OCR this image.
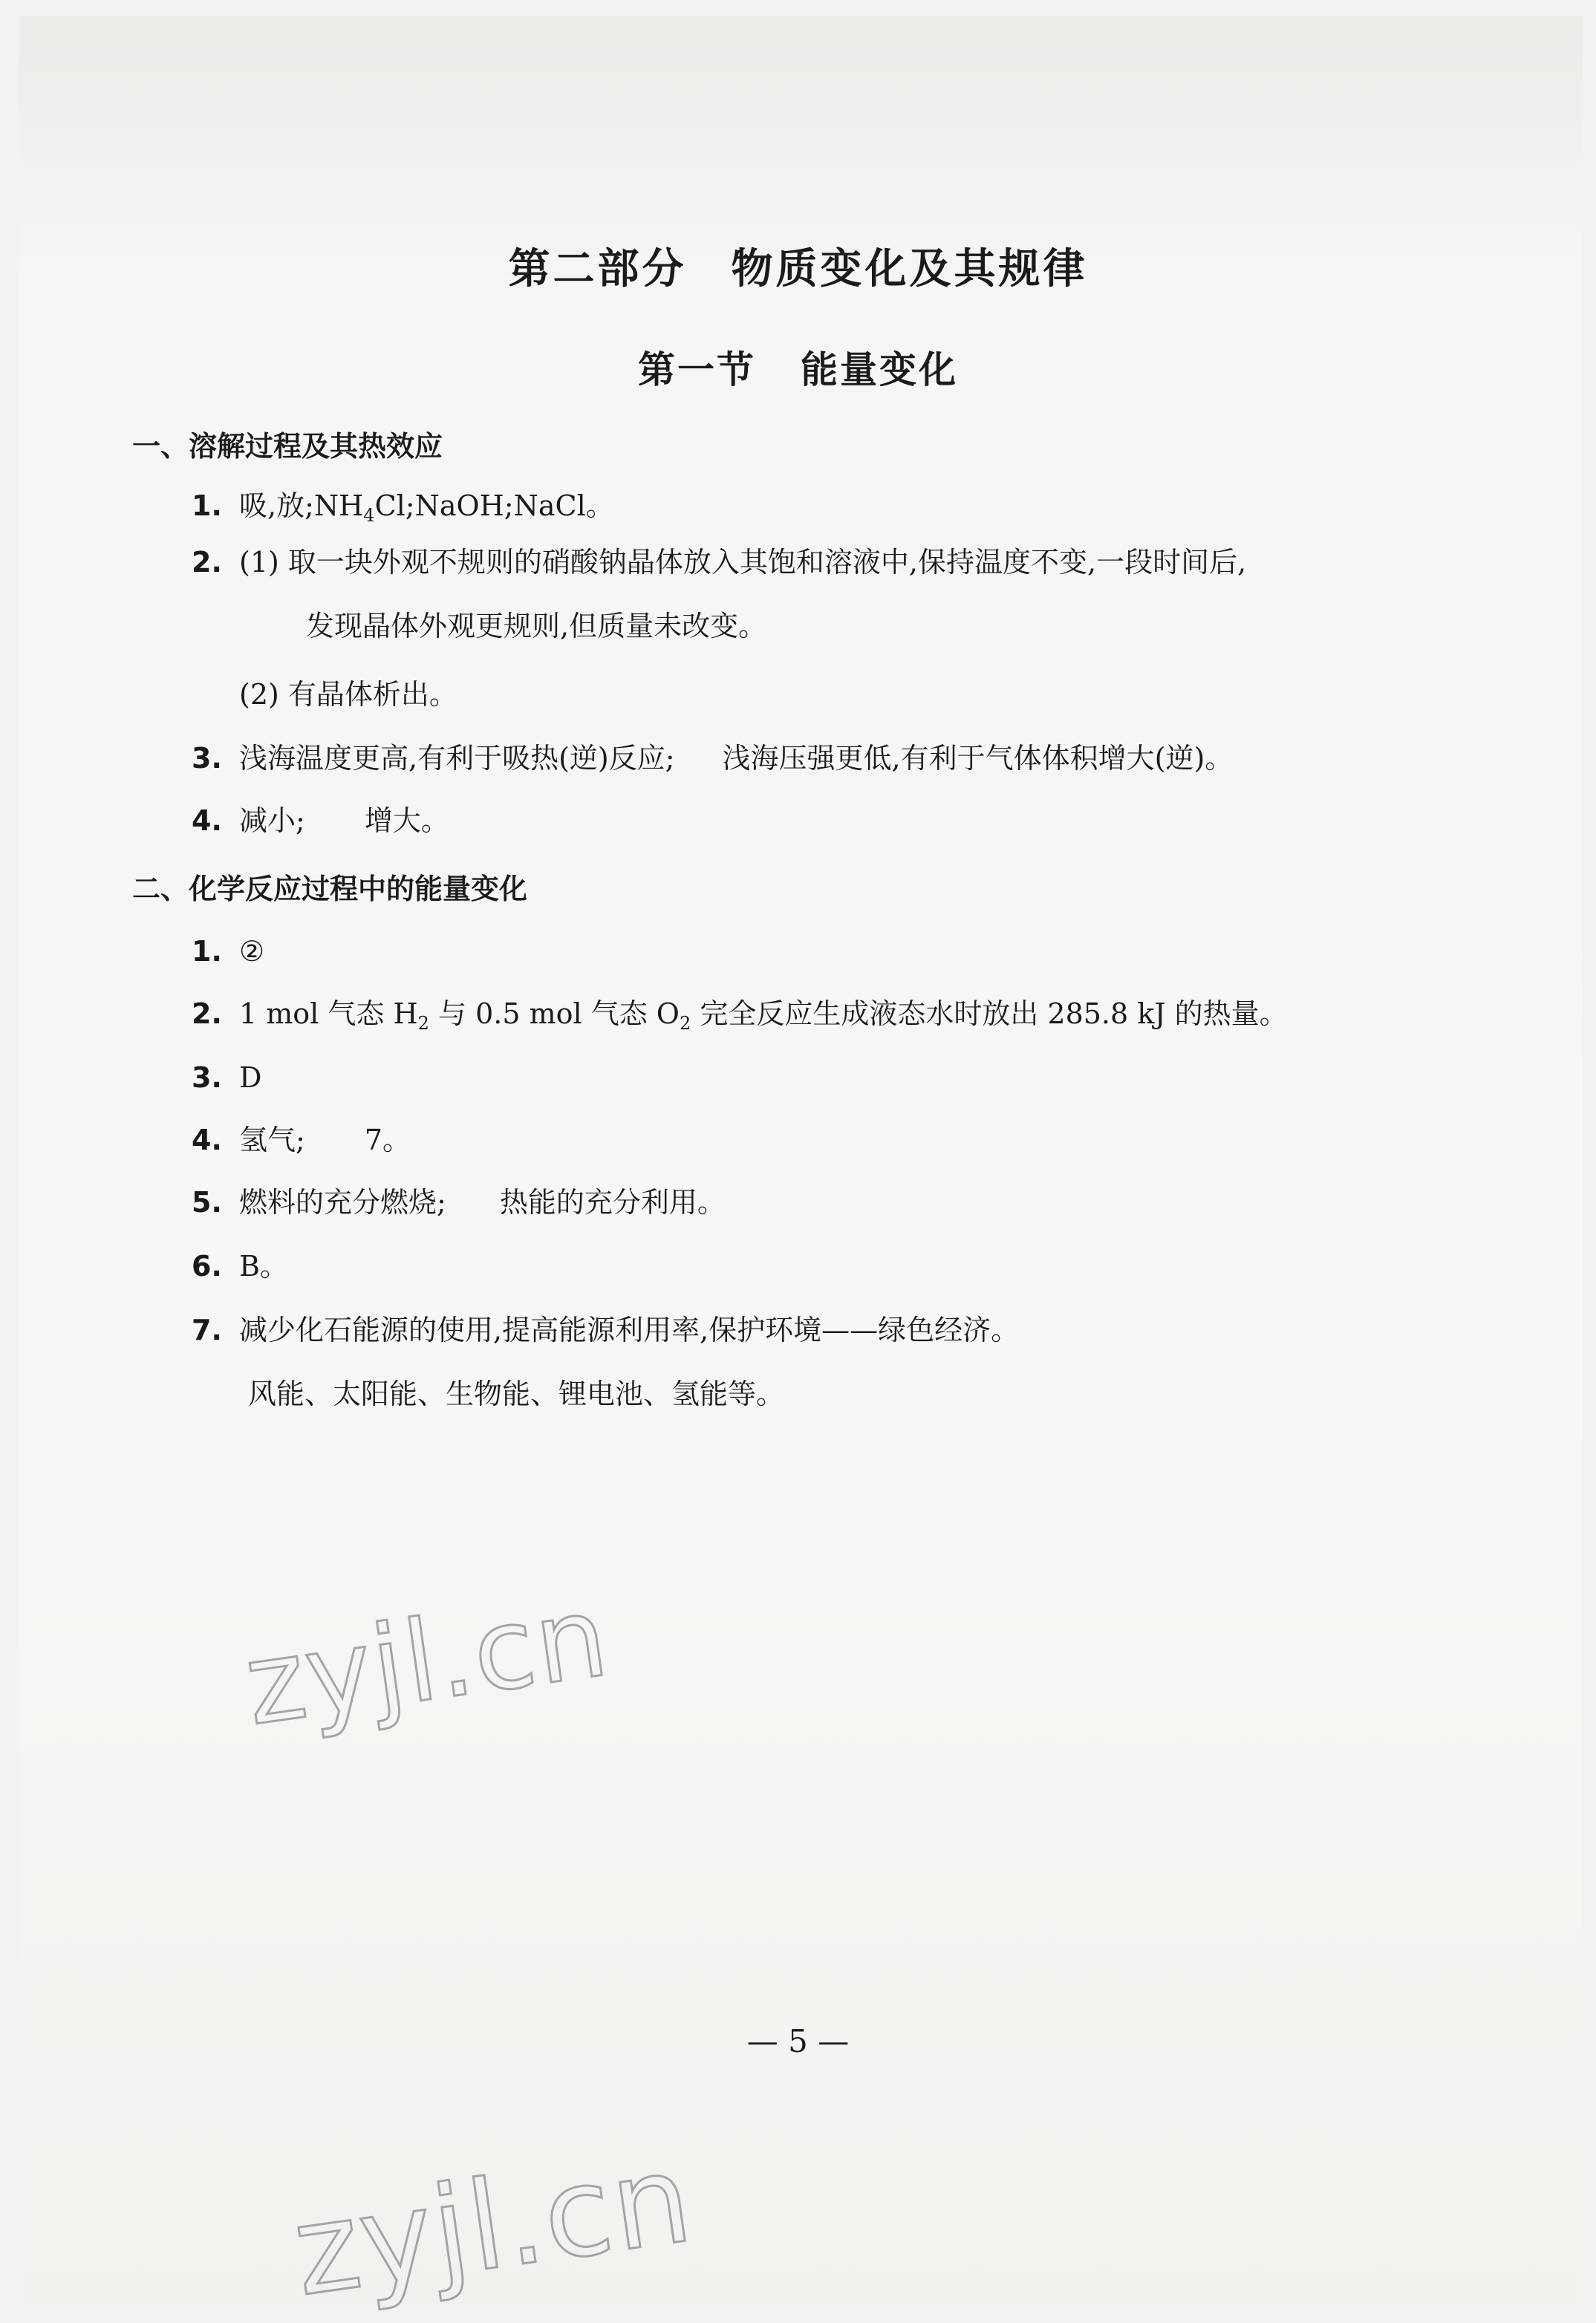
第二部分 物质变化及其规律
第一节 能量变化
一、溶解过程及其热效应
1. 吸,放$;NH_4Cl;NaOH;NaCl$。
2. (1) 取一块外观不规则的硝酸钠晶体放入其饱和溶液中,保持温度不变,一段时间后,
发现晶体外观更规则,但质量未改变。
(2) 有晶体析出。
3. 浅海温度更高,有利于吸热(逆)反应; 浅海压强更低,有利于气体体积增大(逆)。
4. 减小; 增大。
二、化学反应过程中的能量变化
1. ②
2. 1 mol 气态 $H_2$ 与 0.5 mol 气态 $O_2$ 完全反应生成液态水时放出 285.8 kJ 的热量。
3. D
4. 氢气; 7。
5. 燃料的充分燃烧; 热能的充分利用。
6. B。
7. 减少化石能源的使用,提高能源利用率,保护环境——绿色经济。
风能、太阳能、生物能、锂电池、氢能等。
— 5 —
zyjl.cn
zyjl.cn
